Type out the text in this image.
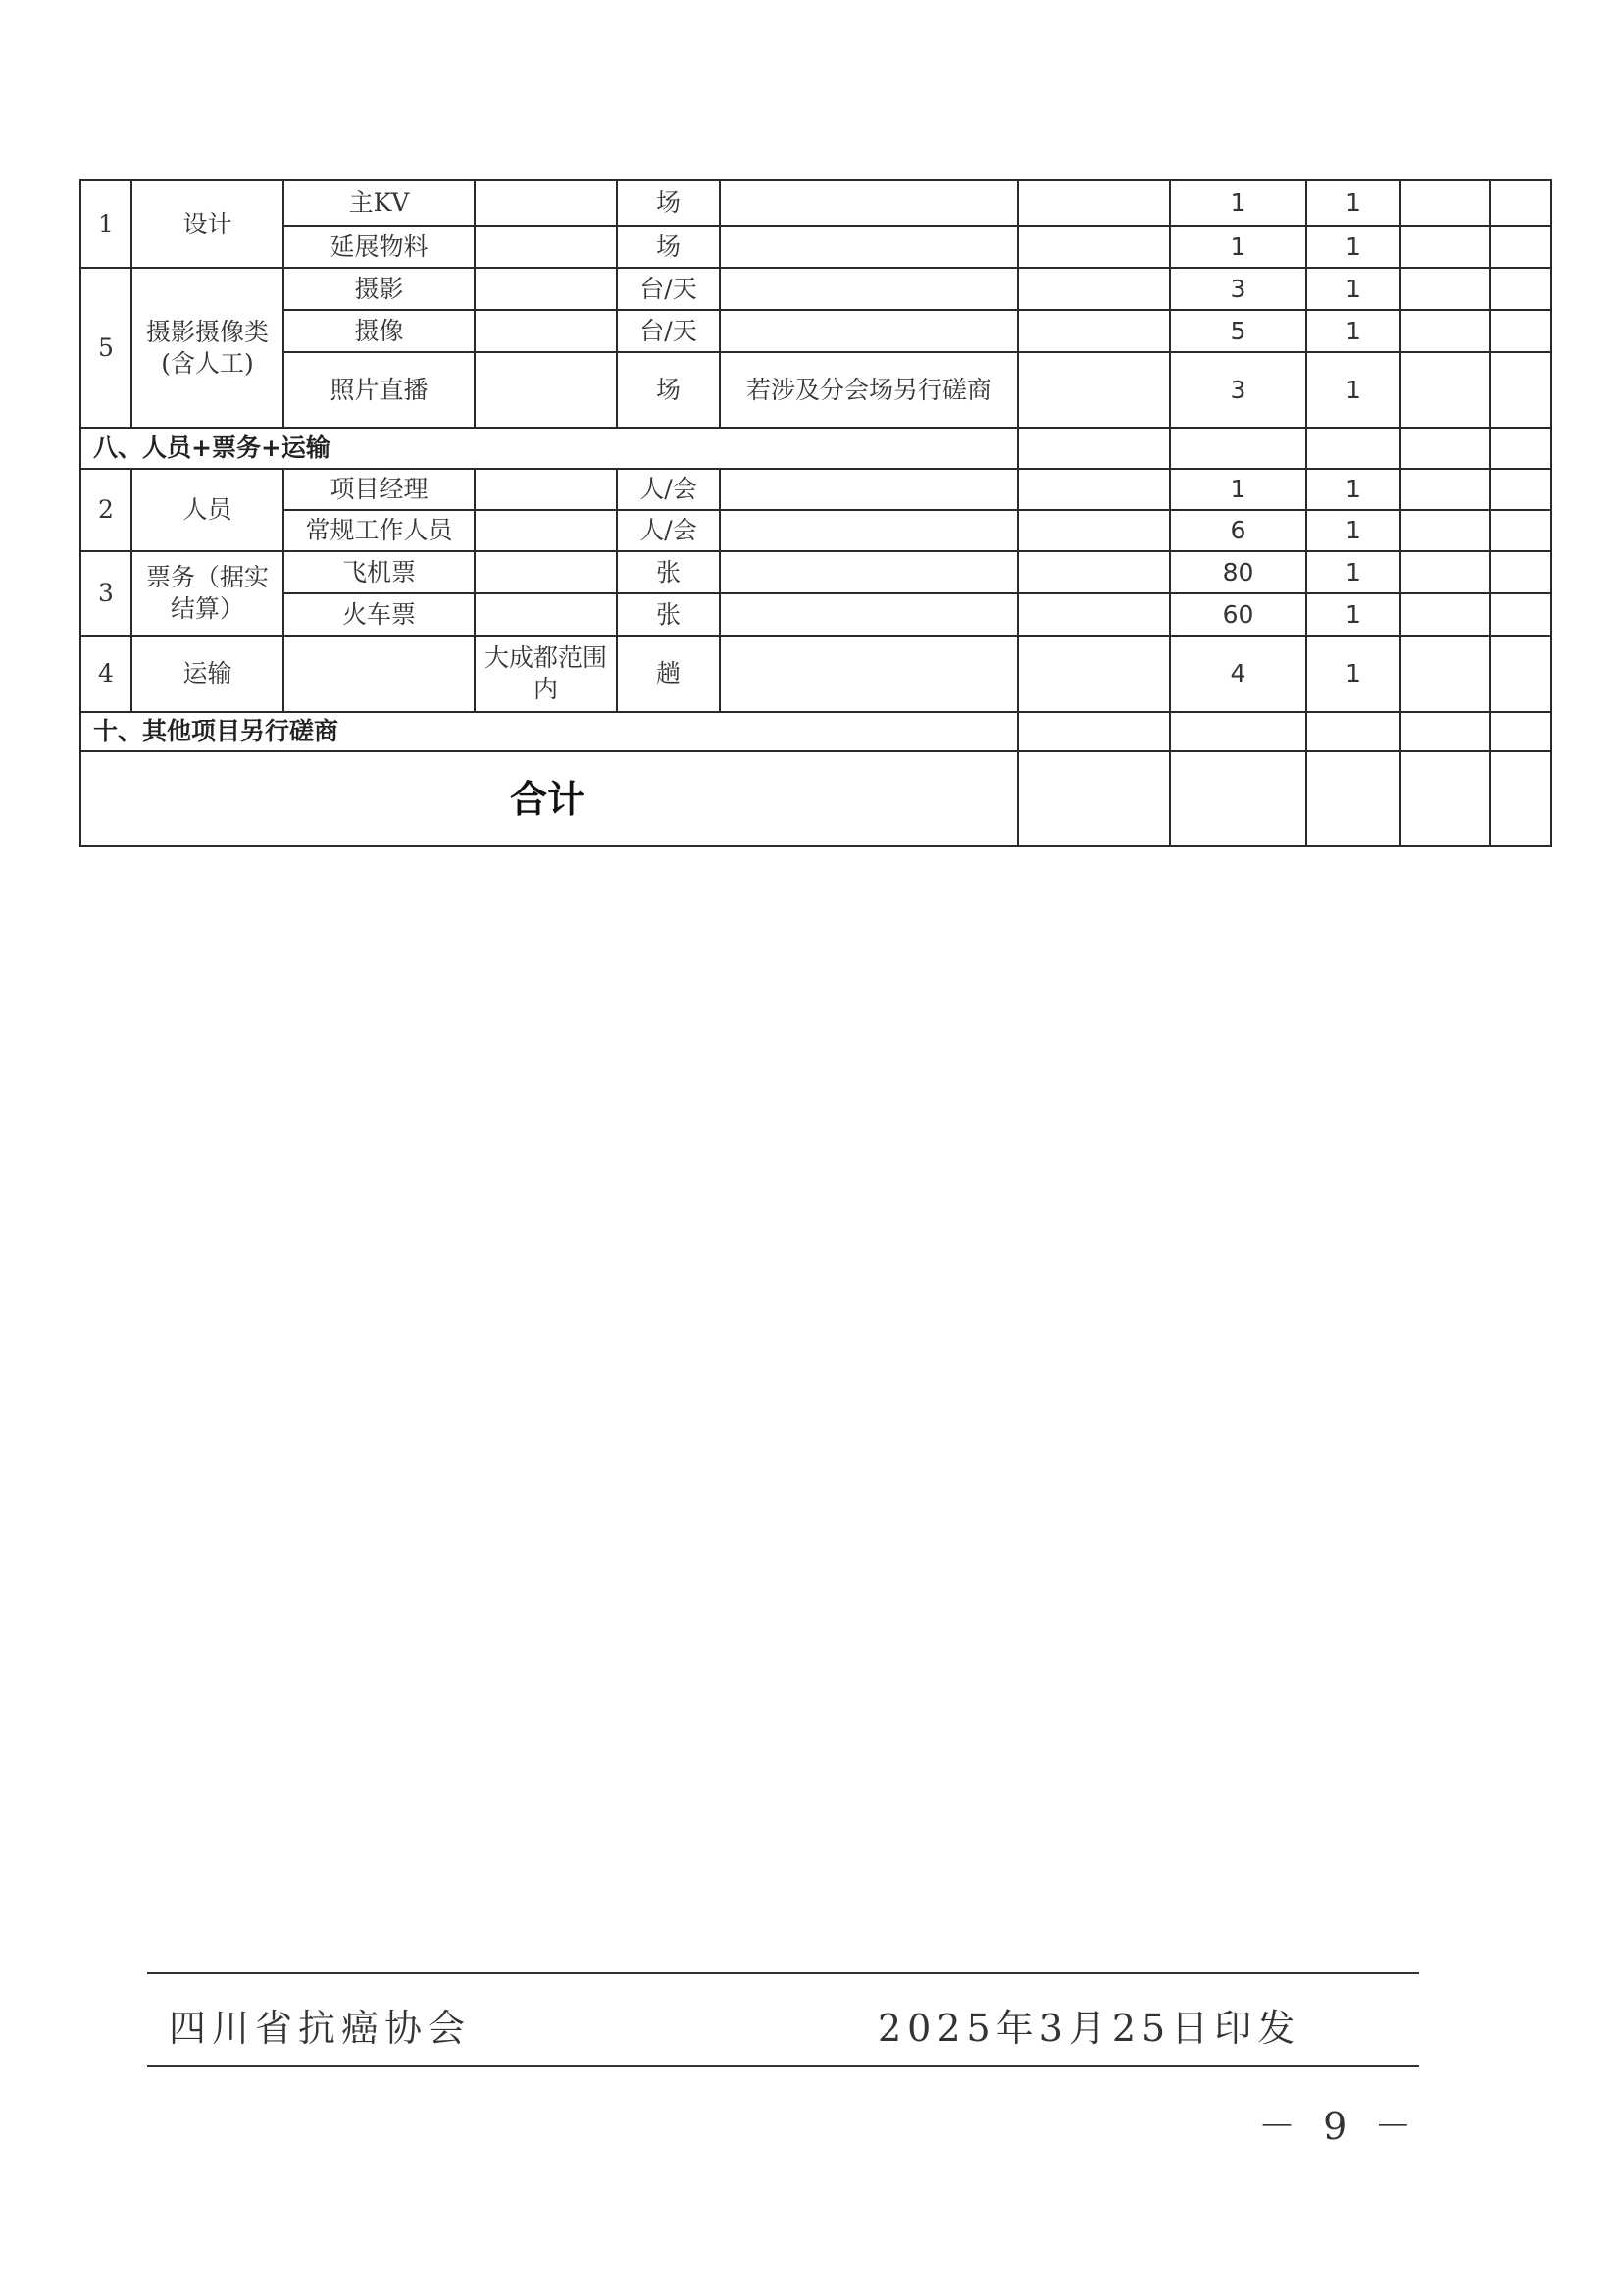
1	设计	主KV		场			1	1		
		延展物料		场			1	1		
5	摄影摄像类(含人工)	摄影		台/天			3	1		
		摄像		台/天			5	1		
		照片直播		场	若涉及分会场另行磋商		3	1		
八、人员+票务+运输										
2	人员	项目经理		人/会			1	1		
		常规工作人员		人/会			6	1		
3	票务（据实结算）	飞机票		张			80	1		
		火车票		张			60	1		
4	运输		大成都范围内	趟			4	1		
十、其他项目另行磋商										
合计										
四川省抗癌协会	2025年3月25日印发
－ 9 －
